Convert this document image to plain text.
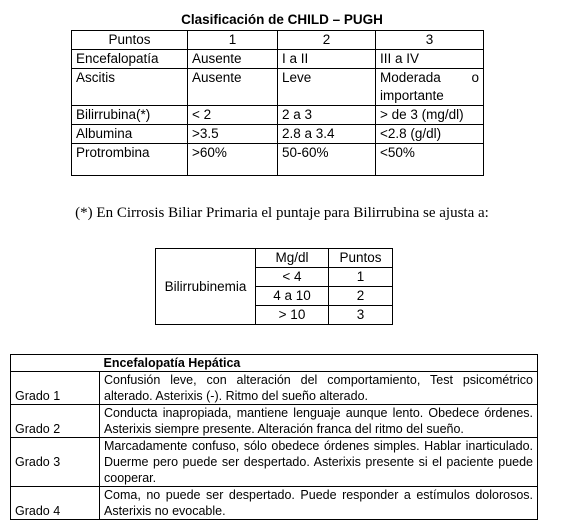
Clasificación de CHILD – PUGH
Puntos	1	2	3
Encefalopatía	Ausente	I a II	III a IV
Ascitis	Ausente	Leve	Moderada o
importante

Bilirrubina(*)	< 2	2 a 3	> de 3 (mg/dl)
Albumina	>3.5	2.8 a 3.4	<2.8 (g/dl)
Protrombina	>60%	50-60%	<50%
(*) En Cirrosis Biliar Primaria el puntaje para Bilirrubina se ajusta a:
Bilirrubinemia	Mg/dl	Puntos
	< 4	1
	4 a 10	2
	> 10	3
	Encefalopatía Hepática
Grado 1	Confusión leve, con alteración del comportamiento, Test psicométrico alterado. Asterixis (-). Ritmo del sueño alterado.
Grado 2	Conducta inapropiada, mantiene lenguaje aunque lento. Obedece órdenes. Asterixis siempre presente. Alteración franca del ritmo del sueño.
Grado 3	Marcadamente confuso, sólo obedece órdenes simples. Hablar inarticulado. Duerme pero puede ser despertado. Asterixis presente si el paciente puede cooperar.
Grado 4	Coma, no puede ser despertado. Puede responder a estímulos dolorosos. Asterixis no evocable.
